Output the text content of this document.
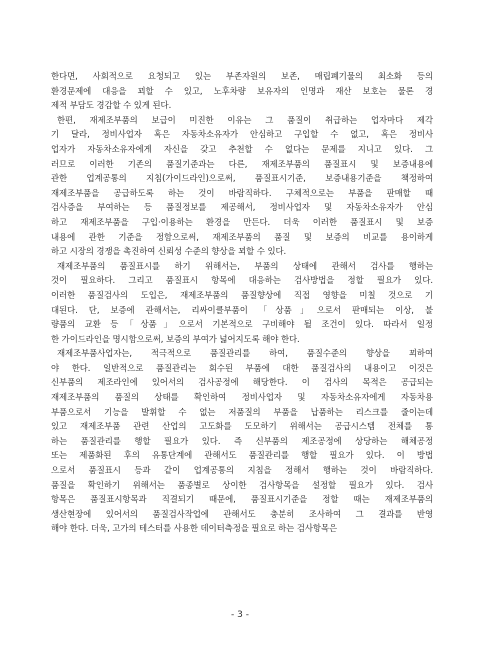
한다면, 사회적으로 요청되고 있는 부존자원의 보존, 매립폐기물의 최소화 등의
환경문제에 대응을 꾀할 수 있고, 노후차량 보유자의 인명과 재산 보호는 물론 경
제적 부담도 경감할 수 있게 된다.
한편, 재제조부품의 보급이 미진한 이유는 그 품질이 취급하는 업자마다 제각
기 달라, 정비사업자 혹은 자동차소유자가 안심하고 구입할 수 없고, 혹은 정비사
업자가 자동차소유자에게 자신을 갖고 추천할 수 없다는 문제를 지니고 있다. 그
러므로 이러한 기존의 품질기준과는 다른, 재제조부품의 품질표시 및 보증내용에
관한 업계공통의 지침(가이드라인)으로써, 품질표시기준, 보증내용기준을 책정하여
재제조부품을 공급하도록 하는 것이 바람직하다. 구체적으로는 부품을 판매할 때
검사증을 부여하는 등 품질정보를 제공해서, 정비사업자 및 자동차소유자가 안심
하고 재제조부품을 구입·이용하는 환경을 만든다. 더욱 이러한 품질표시 및 보증
내용에 관한 기준을 정함으로써, 재제조부품의 품질 및 보증의 비교를 용이하게
하고 시장의 경쟁을 촉진하여 신뢰성 수준의 향상을 꾀할 수 있다.
재제조부품의 품질표시를 하기 위해서는, 부품의 상태에 관해서 검사를 행하는
것이 필요하다. 그리고 품질표시 항목에 대응하는 검사방법을 정할 필요가 있다.
이러한 품질검사의 도입은, 재제조부품의 품질향상에 직접 영향을 미칠 것으로 기
대된다. 단, 보증에 관해서는, 리싸이클부품이 「상품」으로서 판매되는 이상, 불
량품의 교환 등「상품」으로서 기본적으로 구비해야 될 조건이 있다. 따라서 일정
한 가이드라인을 명시함으로써, 보증의 부여가 넓어지도록 해야 한다.
재제조부품사업자는, 적극적으로 품질관리를 하여, 품질수준의 향상을 꾀하여
야 한다. 일반적으로 품질관리는 회수된 부품에 대한 품질검사의 내용이고 이것은
신부품의 제조라인에 있어서의 검사공정에 해당한다. 이 검사의 목적은 공급되는
재제조부품의 품질의 상태를 확인하여 정비사업자 및 자동차소유자에게 자동차용
부품으로서 기능을 발휘할 수 없는 저품질의 부품을 납품하는 리스크를 줄이는데
있고 재제조부품 관련 산업의 고도화를 도모하기 위해서는 공급시스템 전체를 통
하는 품질관리를 행할 필요가 있다. 즉 신부품의 제조공정에 상당하는 해체공정
또는 제품화된 후의 유통단계에 관해서도 품질관리를 행할 필요가 있다. 이 방법
으로서 품질표시 등과 같이 업계공통의 지침을 정해서 행하는 것이 바람직하다.
품질을 확인하기 위해서는 품종별로 상이한 검사항목을 설정할 필요가 있다. 검사
항목은 품질표시항목과 직결되기 때문에, 품질표시기준을 정할 때는 재제조부품의
생산현장에 있어서의 품질검사작업에 관해서도 충분히 조사하여 그 결과를 반영
해야 한다. 더욱, 고가의 테스터를 사용한 데이터측정을 필요로 하는 검사항목은
- 3 -
